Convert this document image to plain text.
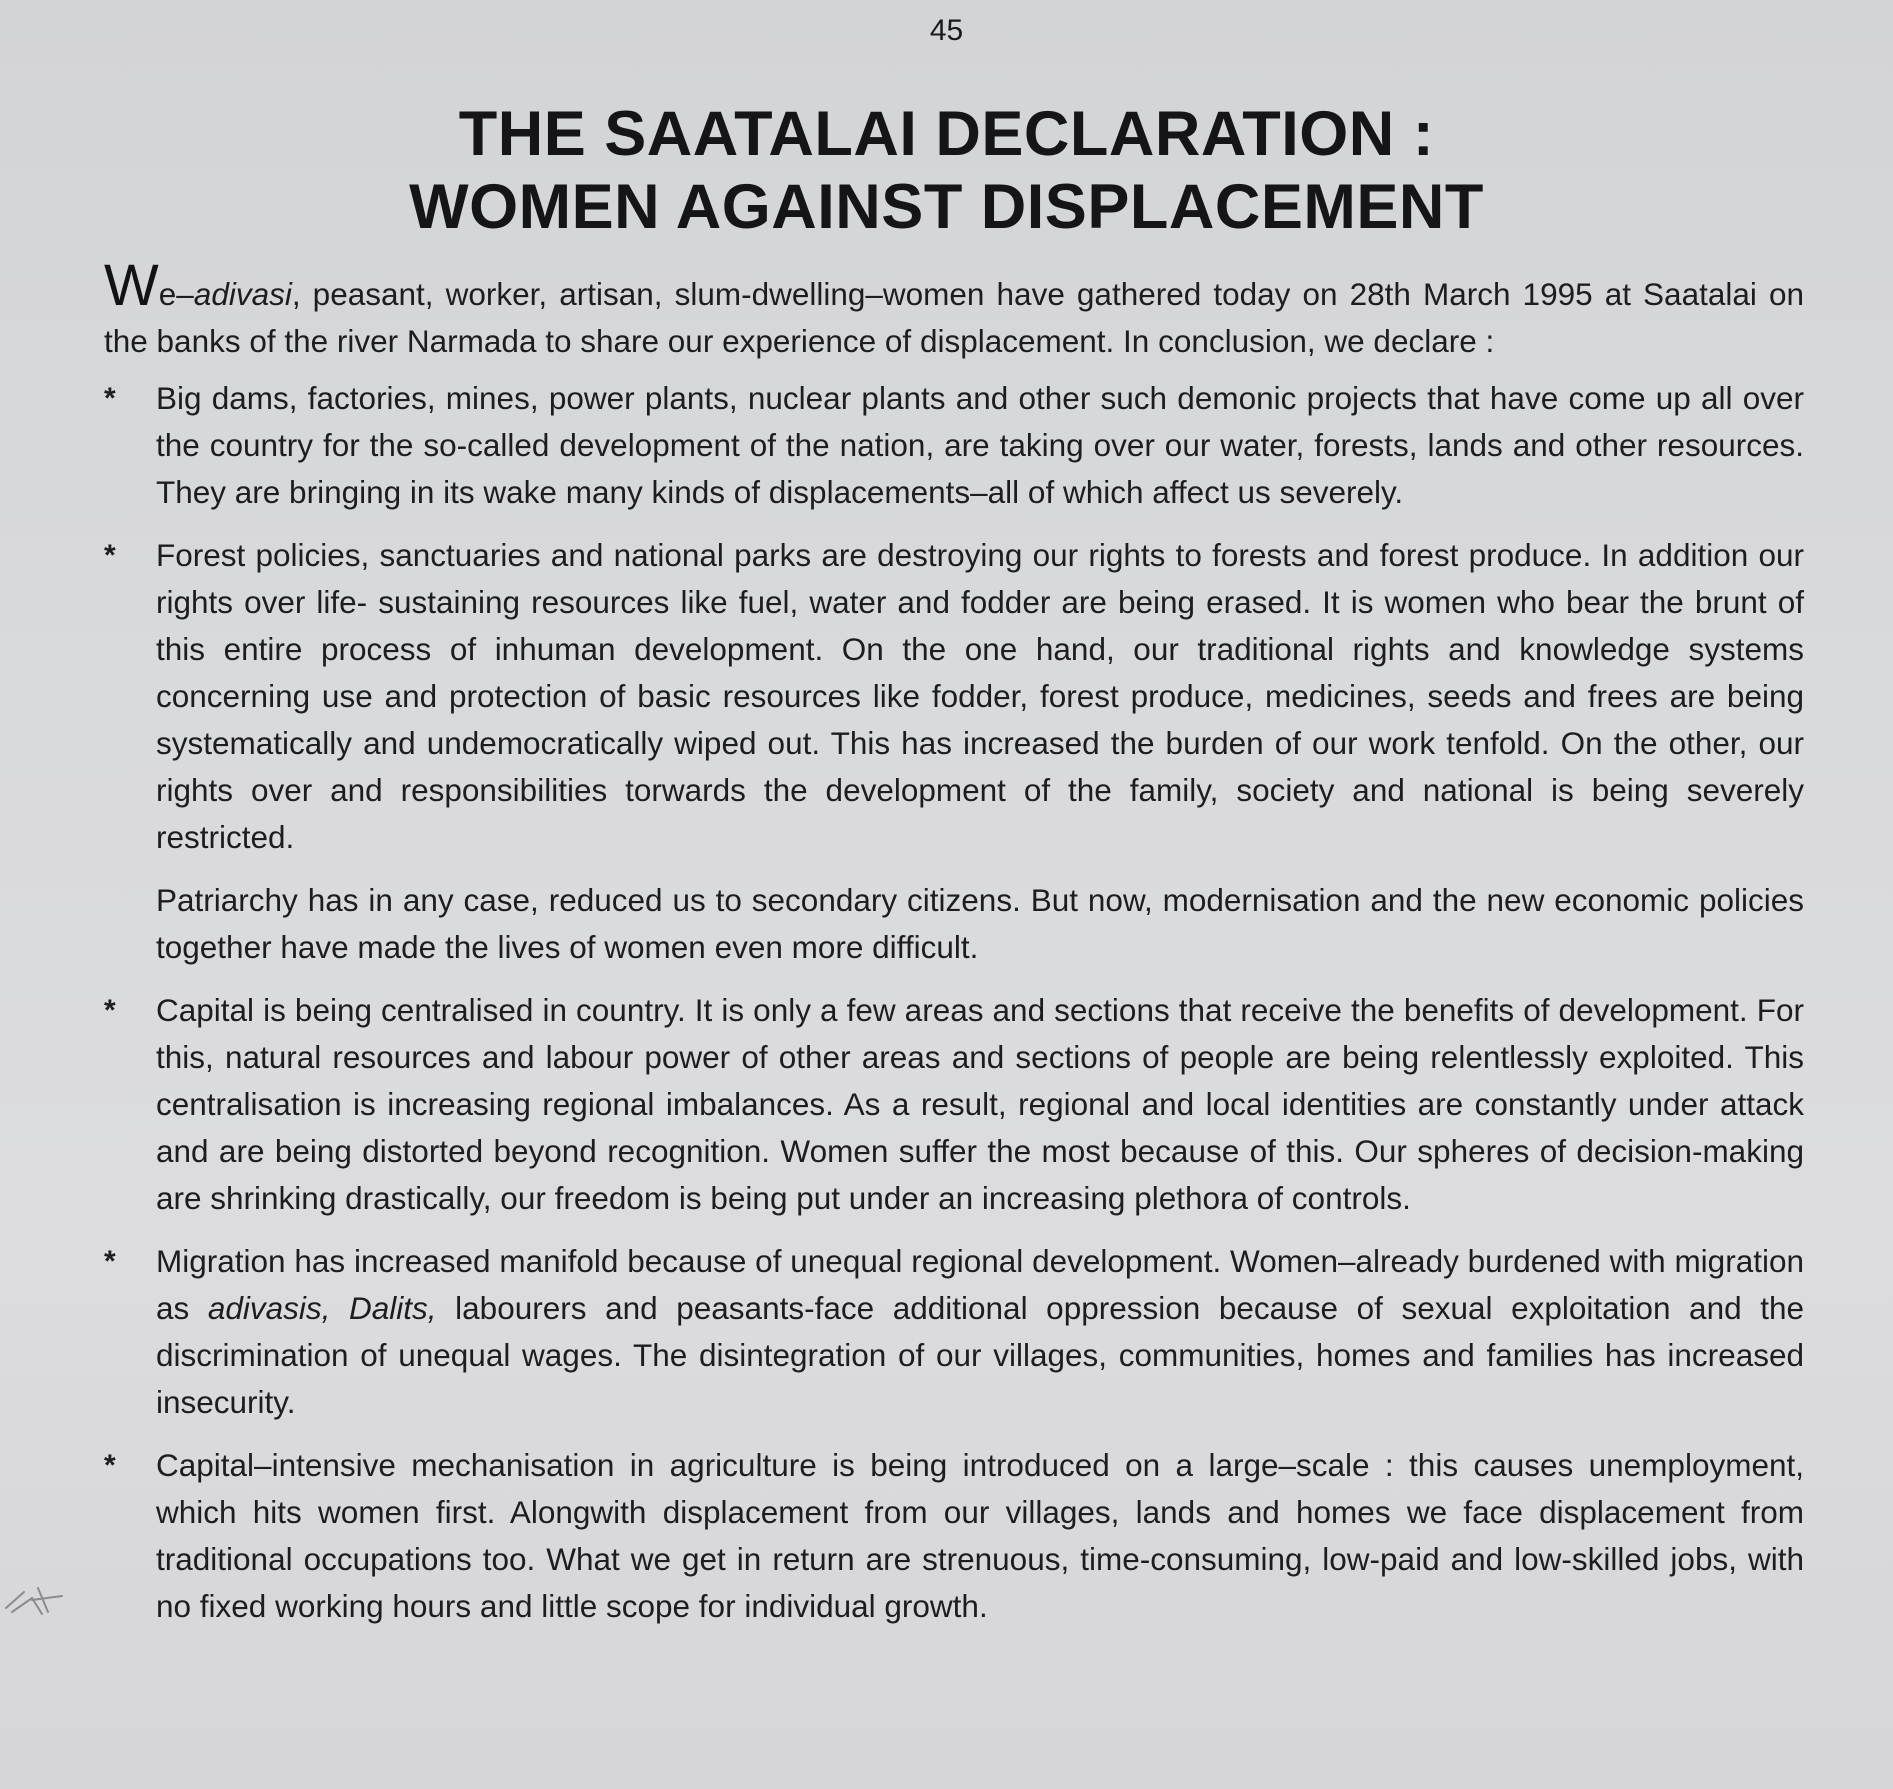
45
THE SAATALAI DECLARATION :
WOMEN AGAINST DISPLACEMENT

We–adivasi, peasant, worker, artisan, slum-dwelling–women have gathered today on 28th March 1995 at Saatalai on the banks of the river Narmada to share our experience of displacement. In conclusion, we declare :

* Big dams, factories, mines, power plants, nuclear plants and other such demonic projects that have come up all over the country for the so-called development of the nation, are taking over our water, forests, lands and other resources. They are bringing in its wake many kinds of displacements–all of which affect us severely.
* Forest policies, sanctuaries and national parks are destroying our rights to forests and forest produce. In addition our rights over life- sustaining resources like fuel, water and fodder are being erased. It is women who bear the brunt of this entire process of inhuman development. On the one hand, our traditional rights and knowledge systems concerning use and protection of basic resources like fodder, forest produce, medicines, seeds and frees are being systematically and undemocratically wiped out. This has increased the burden of our work tenfold. On the other, our rights over and responsibilities torwards the development of the family, society and national is being severely restricted.
Patriarchy has in any case, reduced us to secondary citizens. But now, modernisation and the new economic policies together have made the lives of women even more difficult.
* Capital is being centralised in country. It is only a few areas and sections that receive the benefits of development. For this, natural resources and labour power of other areas and sections of people are being relentlessly exploited. This centralisation is increasing regional imbalances. As a result, regional and local identities are constantly under attack and are being distorted beyond recognition. Women suffer the most because of this. Our spheres of decision-making are shrinking drastically, our freedom is being put under an increasing plethora of controls.
* Migration has increased manifold because of unequal regional development. Women–already burdened with migration as adivasis, Dalits, labourers and peasants-face additional oppression because of sexual exploitation and the discrimination of unequal wages. The disintegration of our villages, communities, homes and families has increased insecurity.
* Capital–intensive mechanisation in agriculture is being introduced on a large–scale : this causes unemployment, which hits women first. Alongwith displacement from our villages, lands and homes we face displacement from traditional occupations too. What we get in return are strenuous, time-consuming, low-paid and low-skilled jobs, with no fixed working hours and little scope for individual growth.
